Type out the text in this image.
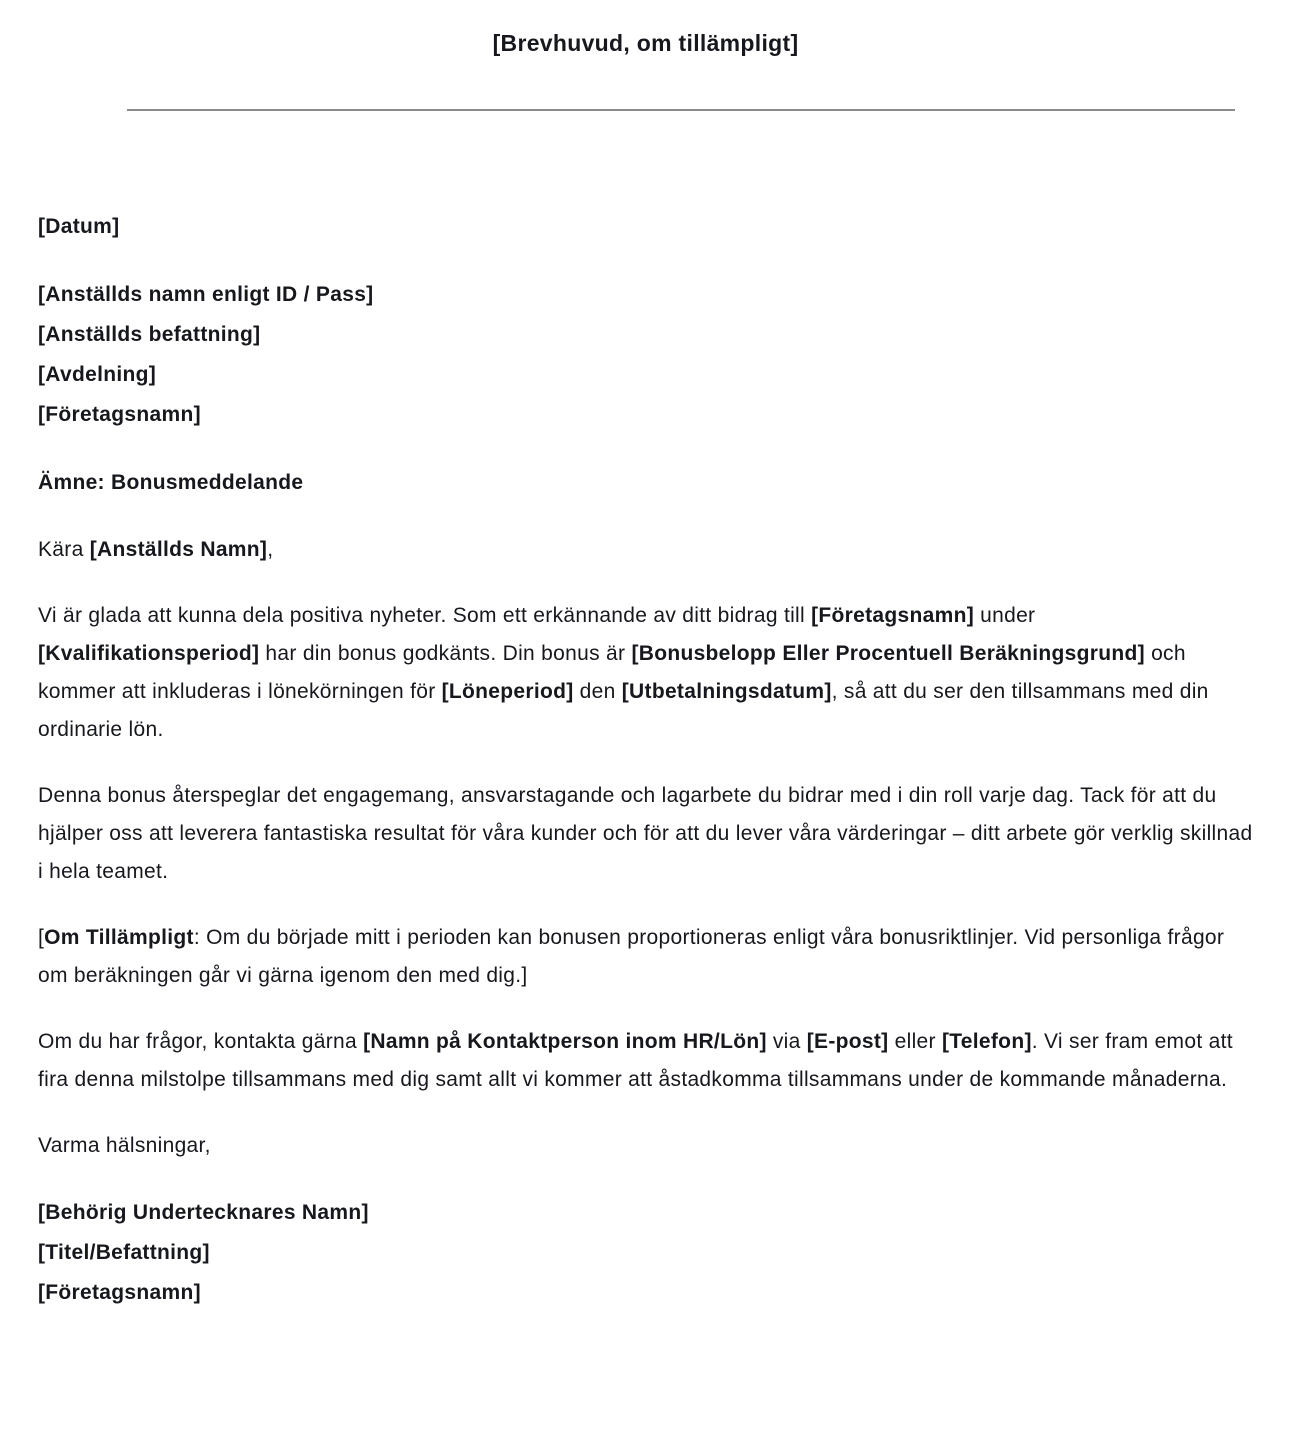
[Brevhuvud, om tillämpligt]

[Datum]

[Anställds namn enligt ID / Pass]
[Anställds befattning]
[Avdelning]
[Företagsnamn]

Ämne: Bonusmeddelande

Kära [Anställds Namn],

Vi är glada att kunna dela positiva nyheter. Som ett erkännande av ditt bidrag till [Företagsnamn] under [Kvalifikationsperiod] har din bonus godkänts. Din bonus är [Bonusbelopp Eller Procentuell Beräkningsgrund] och kommer att inkluderas i lönekörningen för [Löneperiod] den [Utbetalningsdatum], så att du ser den tillsammans med din ordinarie lön.

Denna bonus återspeglar det engagemang, ansvarstagande och lagarbete du bidrar med i din roll varje dag. Tack för att du hjälper oss att leverera fantastiska resultat för våra kunder och för att du lever våra värderingar – ditt arbete gör verklig skillnad i hela teamet.

[Om Tillämpligt: Om du började mitt i perioden kan bonusen proportioneras enligt våra bonusriktlinjer. Vid personliga frågor om beräkningen går vi gärna igenom den med dig.]

Om du har frågor, kontakta gärna [Namn på Kontaktperson inom HR/Lön] via [E-post] eller [Telefon]. Vi ser fram emot att fira denna milstolpe tillsammans med dig samt allt vi kommer att åstadkomma tillsammans under de kommande månaderna.

Varma hälsningar,

[Behörig Undertecknares Namn]
[Titel/Befattning]
[Företagsnamn]
